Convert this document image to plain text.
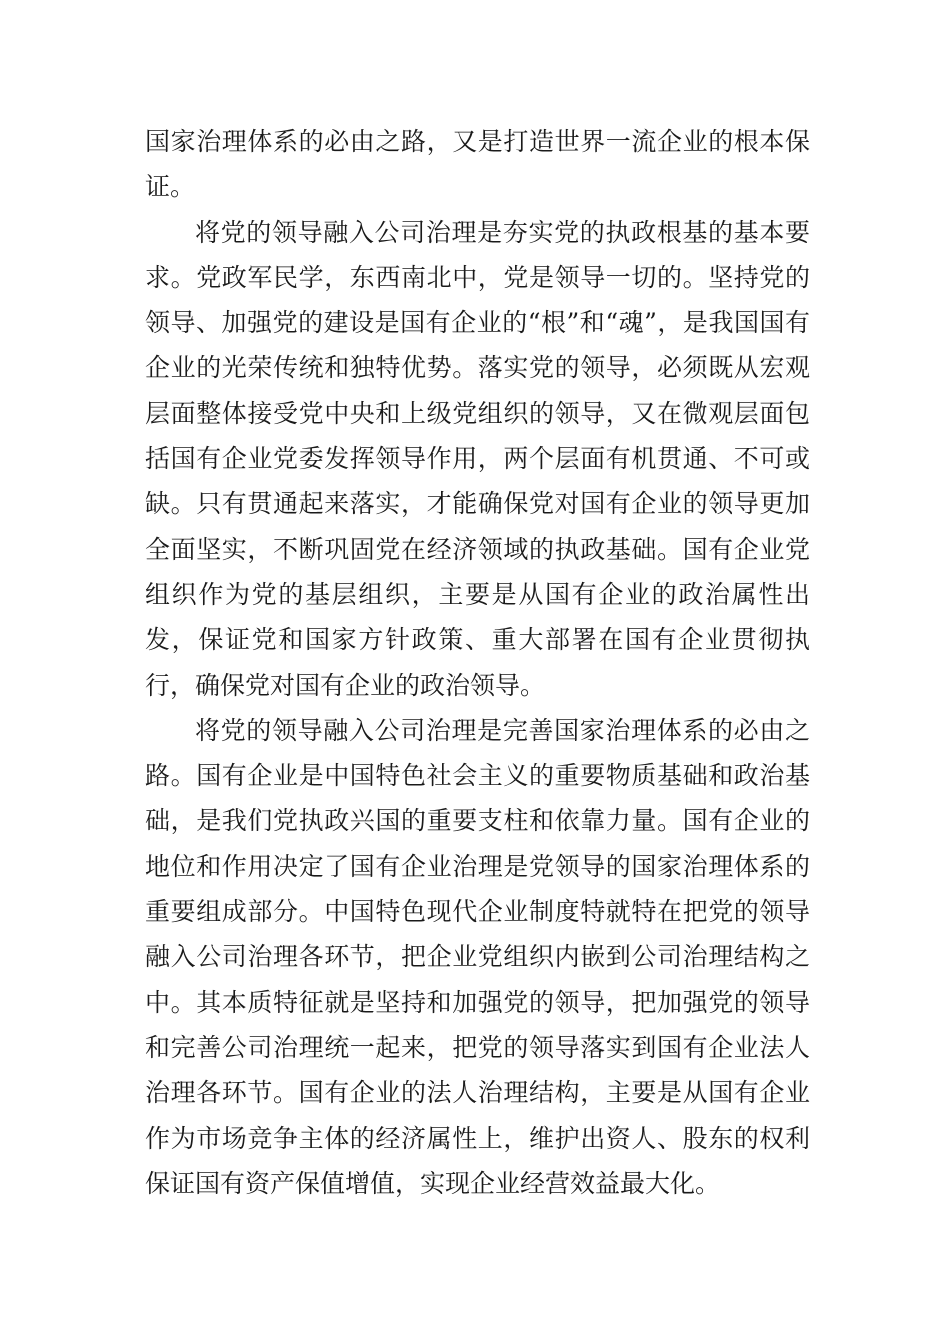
国家治理体系的必由之路，又是打造世界一流企业的根本保证。

将党的领导融入公司治理是夯实党的执政根基的基本要求。党政军民学，东西南北中，党是领导一切的。坚持党的领导、加强党的建设是国有企业的“根”和“魂”，是我国国有企业的光荣传统和独特优势。落实党的领导，必须既从宏观层面整体接受党中央和上级党组织的领导，又在微观层面包括国有企业党委发挥领导作用，两个层面有机贯通、不可或缺。只有贯通起来落实，才能确保党对国有企业的领导更加全面坚实，不断巩固党在经济领域的执政基础。国有企业党组织作为党的基层组织，主要是从国有企业的政治属性出发，保证党和国家方针政策、重大部署在国有企业贯彻执行，确保党对国有企业的政治领导。

将党的领导融入公司治理是完善国家治理体系的必由之路。国有企业是中国特色社会主义的重要物质基础和政治基础，是我们党执政兴国的重要支柱和依靠力量。国有企业的地位和作用决定了国有企业治理是党领导的国家治理体系的重要组成部分。中国特色现代企业制度特就特在把党的领导融入公司治理各环节，把企业党组织内嵌到公司治理结构之中。其本质特征就是坚持和加强党的领导，把加强党的领导和完善公司治理统一起来，把党的领导落实到国有企业法人治理各环节。国有企业的法人治理结构，主要是从国有企业作为市场竞争主体的经济属性上，维护出资人、股东的权利保证国有资产保值增值，实现企业经营效益最大化。
